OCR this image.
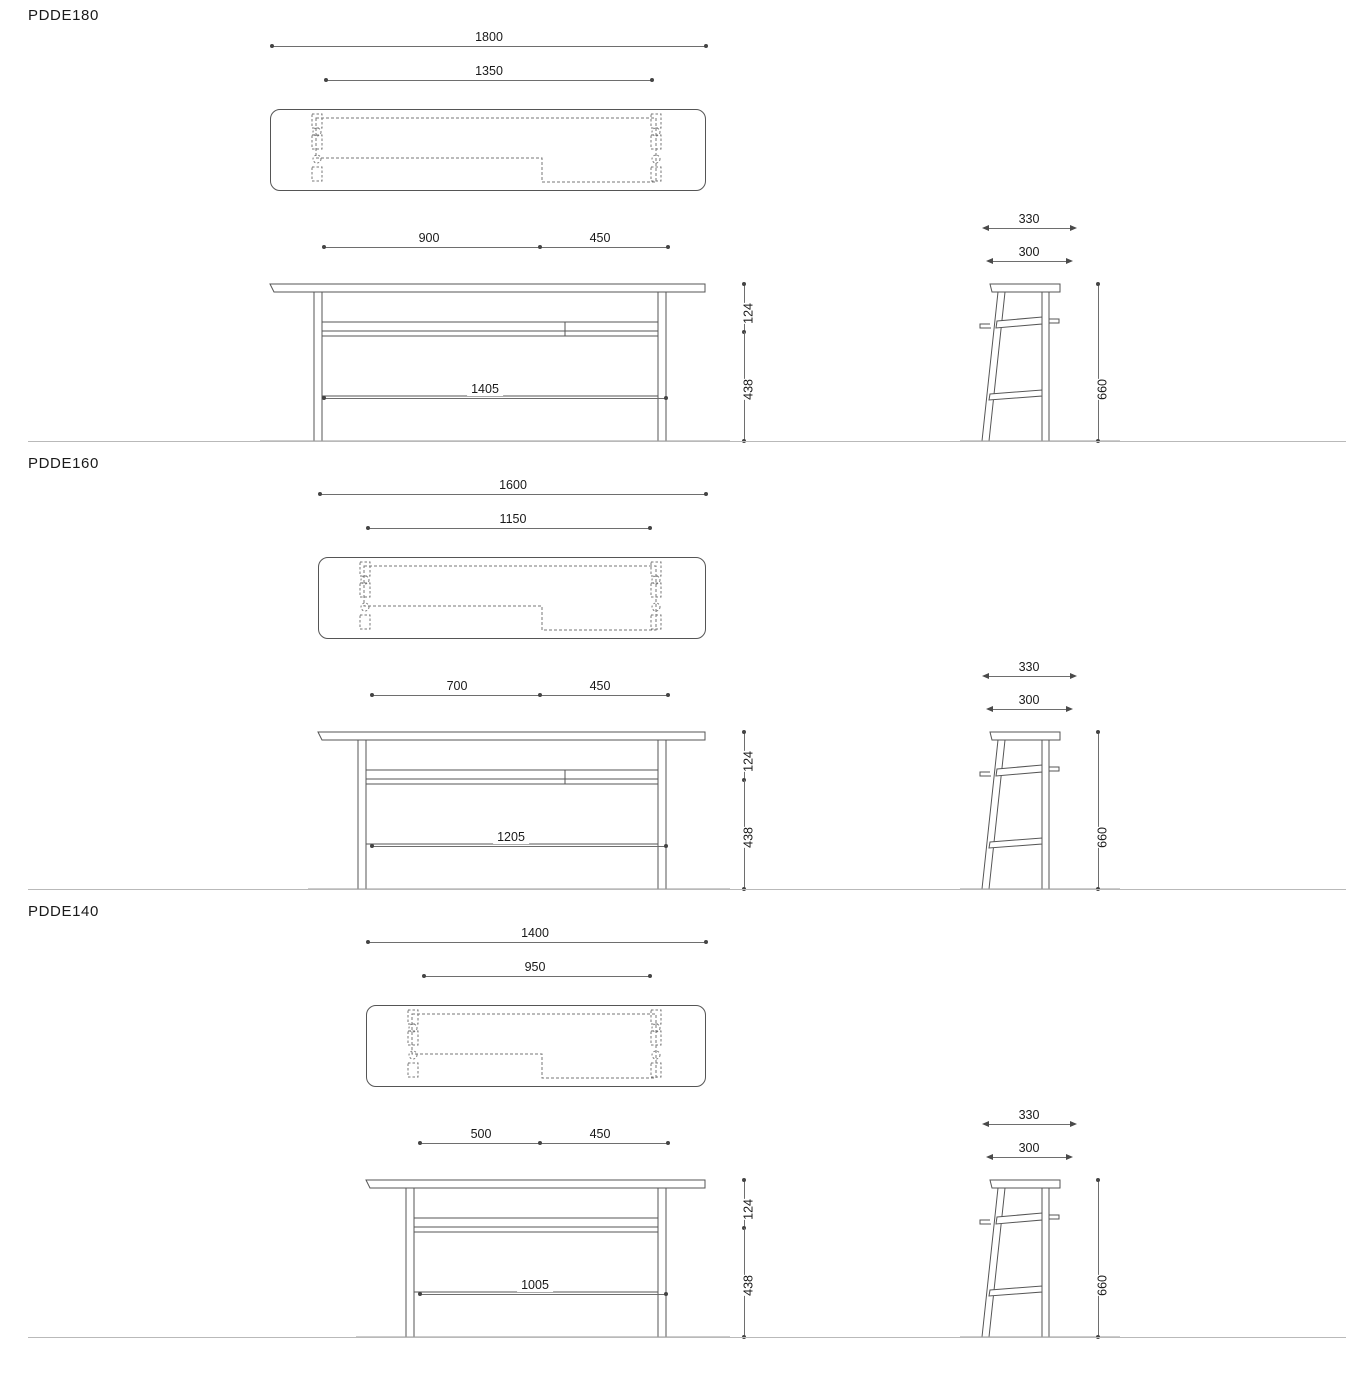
PDDE180
1800
1350
900	450
1405
124
438
330
300
660
PDDE160
1600
1150
700	450
1205
124
438
330
300
660
PDDE140
1400
950
500	450
1005
124
438
330
300
660
